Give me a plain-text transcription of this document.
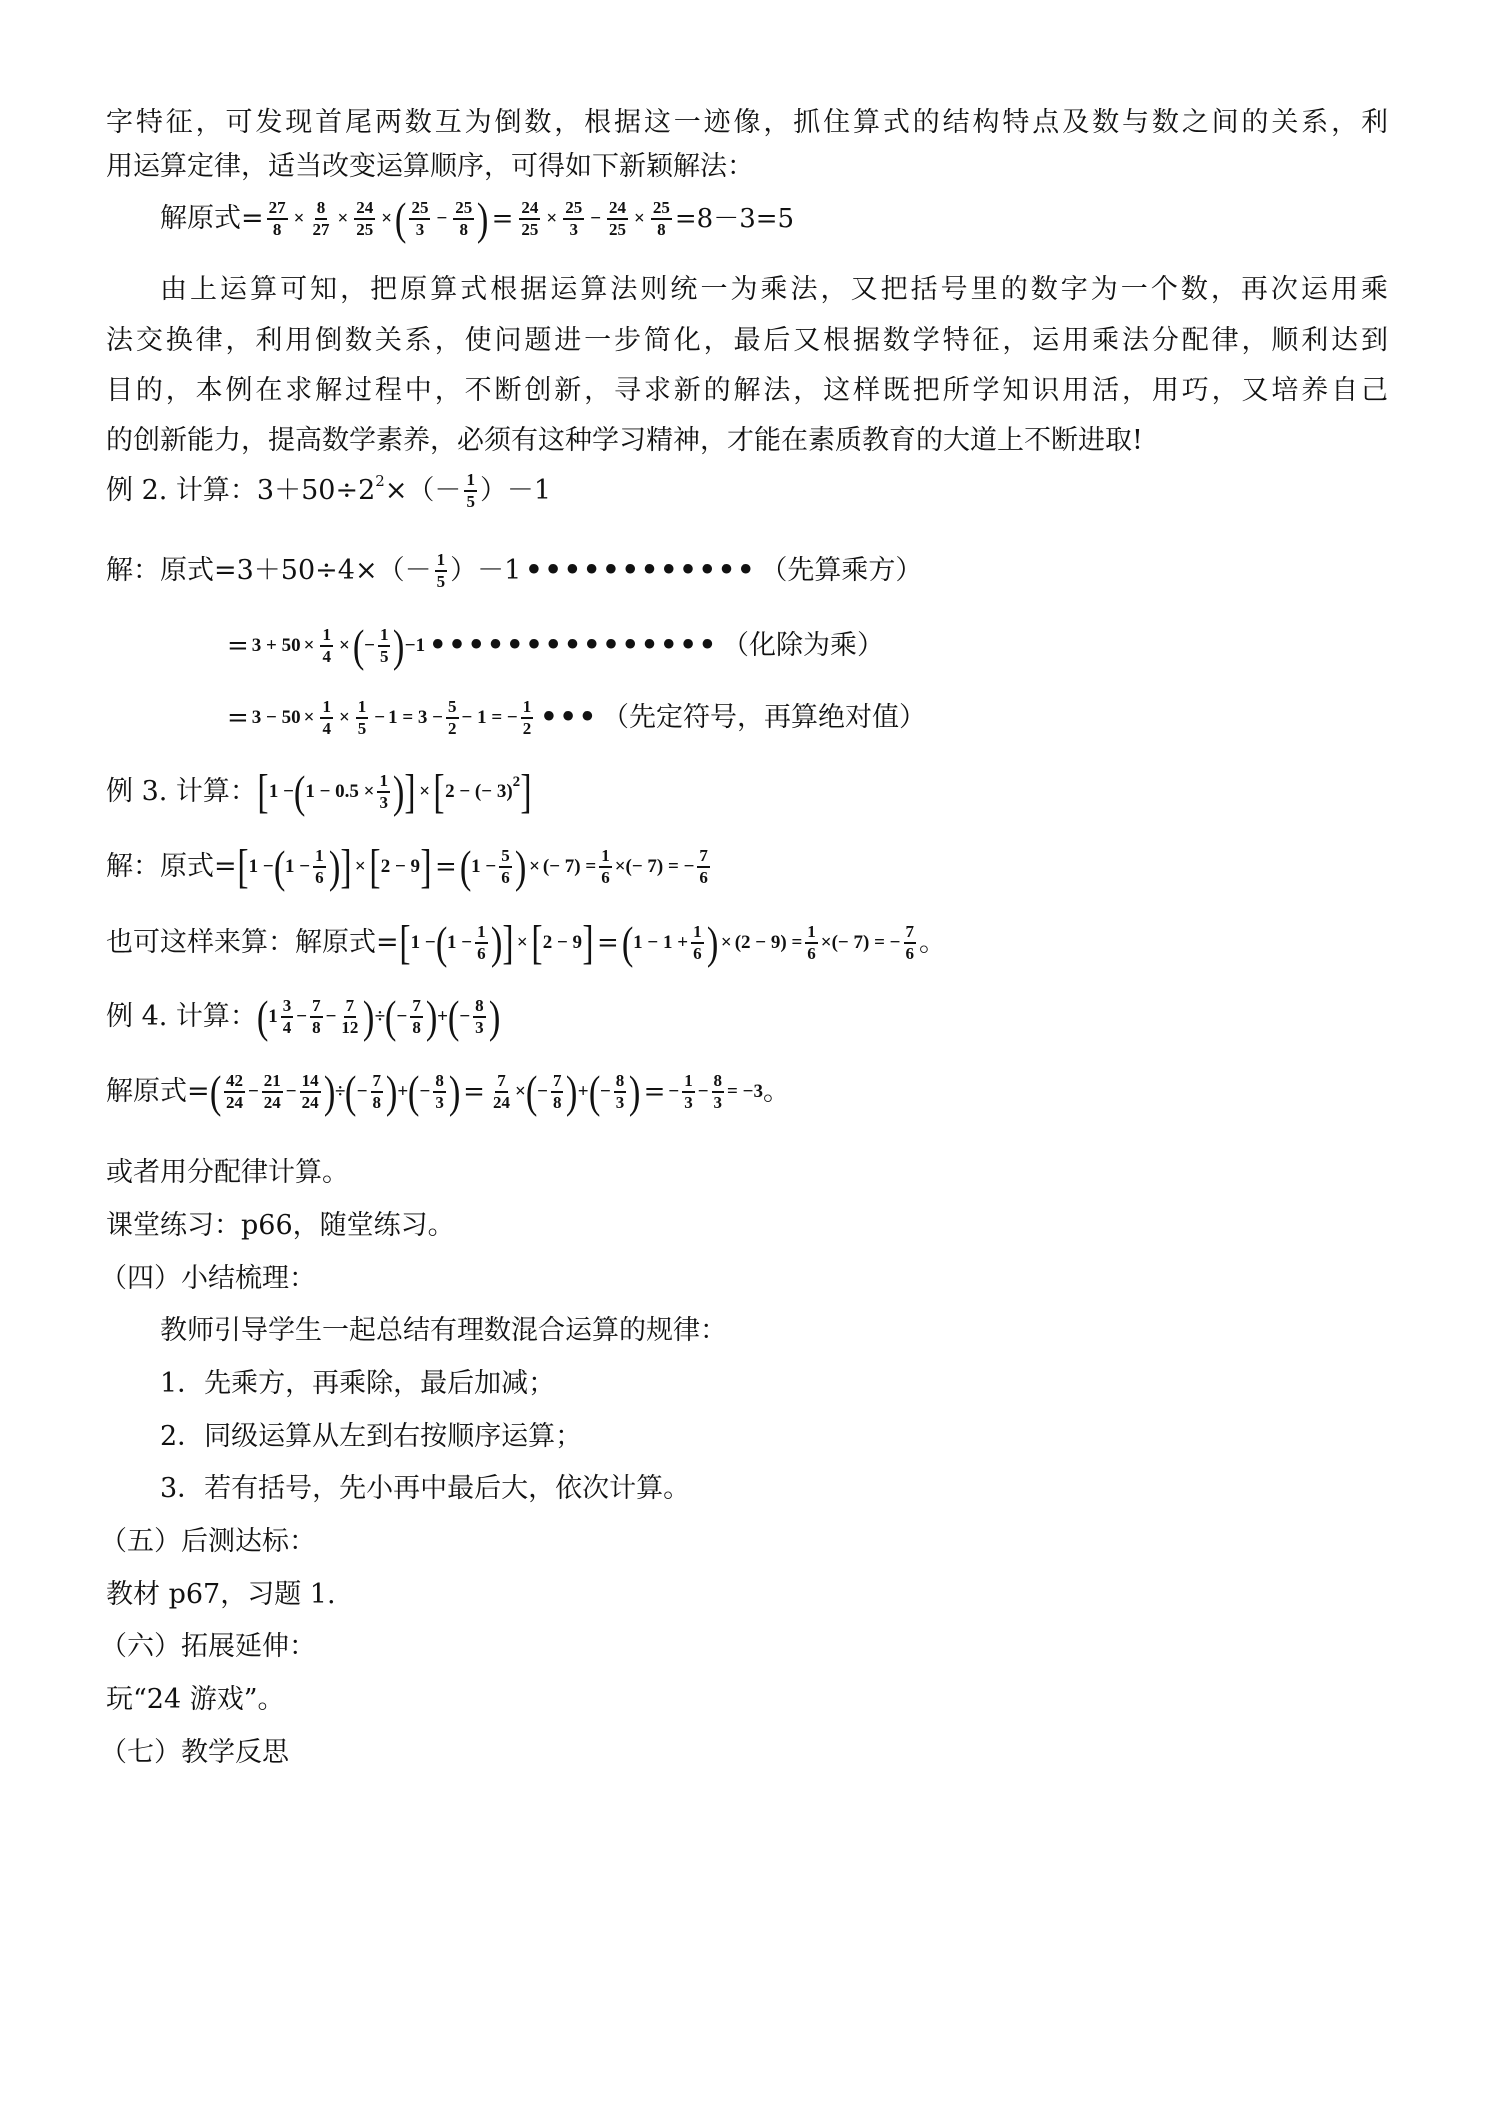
字特征，可发现首尾两数互为倒数，根据这一迹像，抓住算式的结构特点及数与数之间的关系，利
用运算定律，适当改变运算顺序，可得如下新颖解法：
解原式= $\frac{27}{8} \times \frac{8}{27} \times \frac{24}{25}$ × ( 25
3
− $\frac{25}{8}$ ) = $\frac{24}{25} \times \frac{25}{3} - \frac{24}{25} \times \frac{25}{8} =8-3=5$
由上运算可知，把原算式根据运算法则统一为乘法，又把括号里的数字为一个数，再次运用乘
法交换律，利用倒数关系，使问题进一步简化，最后又根据数学特征，运用乘法分配律，顺利达到
目的，本例在求解过程中，不断创新，寻求新的解法，这样既把所学知识用活，用巧，又培养自己
的创新能力，提高数学素养，必须有这种学习精神，才能在素质教育的大道上不断进取!
例 2. 计算：3＋50÷2 2 ×（－ 1
5 ）－1
解：原式=3＋50÷4×（－ 1
5 ）－1 •••••••••••• （先算乘方）
= $3 + 50 \times \frac{1}{4}$ × ( −
1
5 ) −1 ••••••••••••••• （化除为乘）
= $3 - 50 \times \frac{1}{4} \times \frac{1}{5} - 1 = 3 - \frac{5}{2} - 1$ = −
1
2 ••• （先定符号，再算绝对值）
例 3. 计算： [ 1 − ( 1 − 0.5 ×
1
3 ) ] × [ 2 − (− 3) 2 ]
解：原式= [ 1 − ( 1 −
1
6 ) ] × [ 2 − 9 ] = ( 1 −
5
6 ) × (− $7) = \frac{1}{6}$ ×(− 7) = −
7
6
也可这样来算：解原式= [ 1 − ( 1 −
1
6 ) ] × [ 2 − 9 ] = ( 1 − 1 +
1
6 ) × $(2 - 9) = \frac{1}{6}$ ×(− 7) = −
7
6 。
例 4. 计算： ( 1
3
4
−
7
8
−
7
12 ) ÷ ( −
7
8 ) + ( −
8
3 )
解原式= ( 42
24
−
21
24
−
14
24 ) ÷ ( −
7
8 ) + ( −
8
3 ) = $\frac{7}{24}$ × ( −
7
8 ) + ( −
8
3 ) = − $\frac{1}{3}$ −
8
3
= −3 。
或者用分配律计算。
课堂练习：p66，随堂练习。
（四）小结梳理：
教师引导学生一起总结有理数混合运算的规律：
1．先乘方，再乘除，最后加减；
2．同级运算从左到右按顺序运算；
3．若有括号，先小再中最后大，依次计算。
（五）后测达标：
教材 p67，习题 1.
（六）拓展延伸：
玩“24 游戏”。
（七）教学反思
